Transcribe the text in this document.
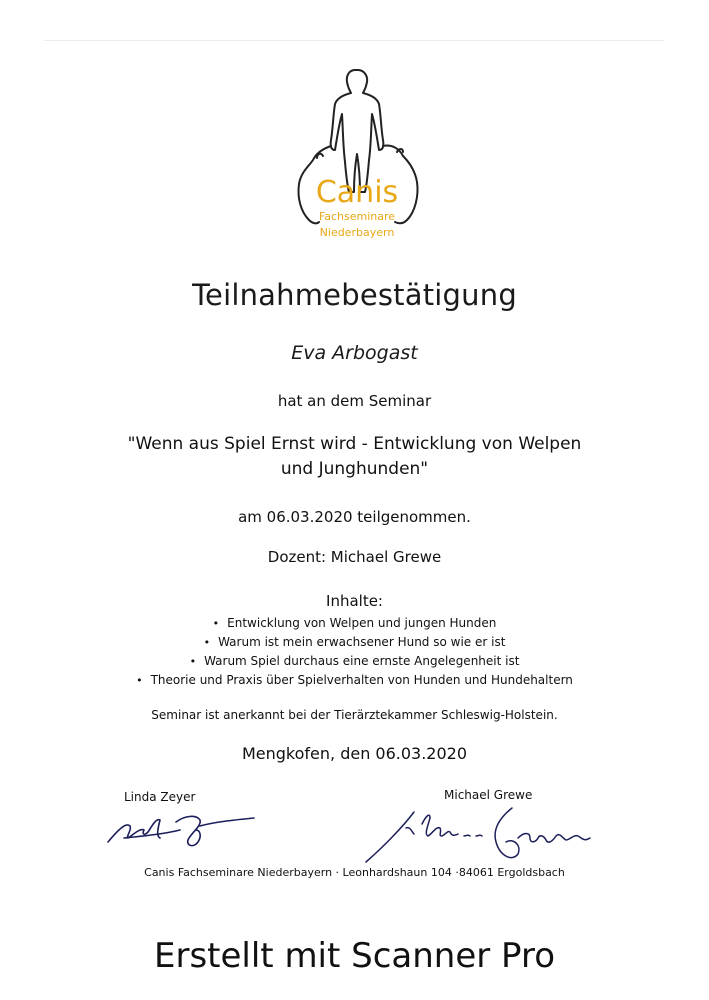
Canis
Fachseminare
Niederbayern
Teilnahmebestätigung
Eva Arbogast
hat an dem Seminar
"Wenn aus Spiel Ernst wird - Entwicklung von Welpen und Junghunden"
am 06.03.2020 teilgenommen.
Dozent: Michael Grewe
Inhalte:
• Entwicklung von Welpen und jungen Hunden
• Warum ist mein erwachsener Hund so wie er ist
• Warum Spiel durchaus eine ernste Angelegenheit ist
• Theorie und Praxis über Spielverhalten von Hunden und Hundehaltern
Seminar ist anerkannt bei der Tierärztekammer Schleswig-Holstein.
Mengkofen, den 06.03.2020
Linda Zeyer	Michael Grewe
Canis Fachseminare Niederbayern · Leonhardshaun 104 ·84061 Ergoldsbach
Erstellt mit Scanner Pro
